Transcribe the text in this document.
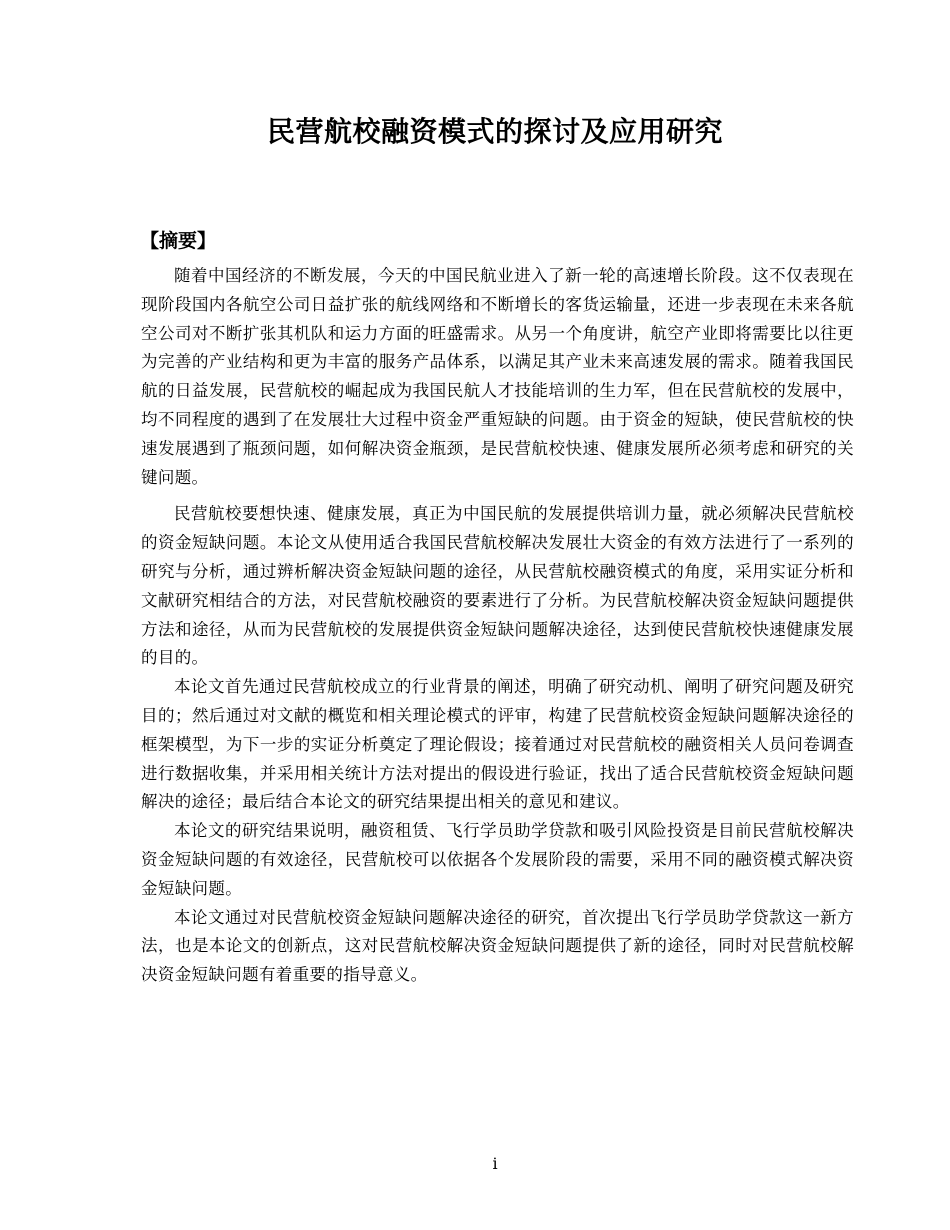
民营航校融资模式的探讨及应用研究
【摘要】

随着中国经济的不断发展，今天的中国民航业进入了新一轮的高速增长阶段。这不仅表现在现阶段国内各航空公司日益扩张的航线网络和不断增长的客货运输量，还进一步表现在未来各航空公司对不断扩张其机队和运力方面的旺盛需求。从另一个角度讲，航空产业即将需要比以往更为完善的产业结构和更为丰富的服务产品体系，以满足其产业未来高速发展的需求。随着我国民航的日益发展，民营航校的崛起成为我国民航人才技能培训的生力军，但在民营航校的发展中，均不同程度的遇到了在发展壮大过程中资金严重短缺的问题。由于资金的短缺，使民营航校的快速发展遇到了瓶颈问题，如何解决资金瓶颈，是民营航校快速、健康发展所必须考虑和研究的关键问题。

民营航校要想快速、健康发展，真正为中国民航的发展提供培训力量，就必须解决民营航校的资金短缺问题。本论文从使用适合我国民营航校解决发展壮大资金的有效方法进行了一系列的研究与分析，通过辨析解决资金短缺问题的途径，从民营航校融资模式的角度，采用实证分析和文献研究相结合的方法，对民营航校融资的要素进行了分析。为民营航校解决资金短缺问题提供方法和途径，从而为民营航校的发展提供资金短缺问题解决途径，达到使民营航校快速健康发展的目的。

本论文首先通过民营航校成立的行业背景的阐述，明确了研究动机、阐明了研究问题及研究目的；然后通过对文献的概览和相关理论模式的评审，构建了民营航校资金短缺问题解决途径的框架模型，为下一步的实证分析奠定了理论假设；接着通过对民营航校的融资相关人员问卷调查进行数据收集，并采用相关统计方法对提出的假设进行验证，找出了适合民营航校资金短缺问题解决的途径；最后结合本论文的研究结果提出相关的意见和建议。

本论文的研究结果说明，融资租赁、飞行学员助学贷款和吸引风险投资是目前民营航校解决资金短缺问题的有效途径，民营航校可以依据各个发展阶段的需要，采用不同的融资模式解决资金短缺问题。

本论文通过对民营航校资金短缺问题解决途径的研究，首次提出飞行学员助学贷款这一新方法，也是本论文的创新点，这对民营航校解决资金短缺问题提供了新的途径，同时对民营航校解决资金短缺问题有着重要的指导意义。

i
